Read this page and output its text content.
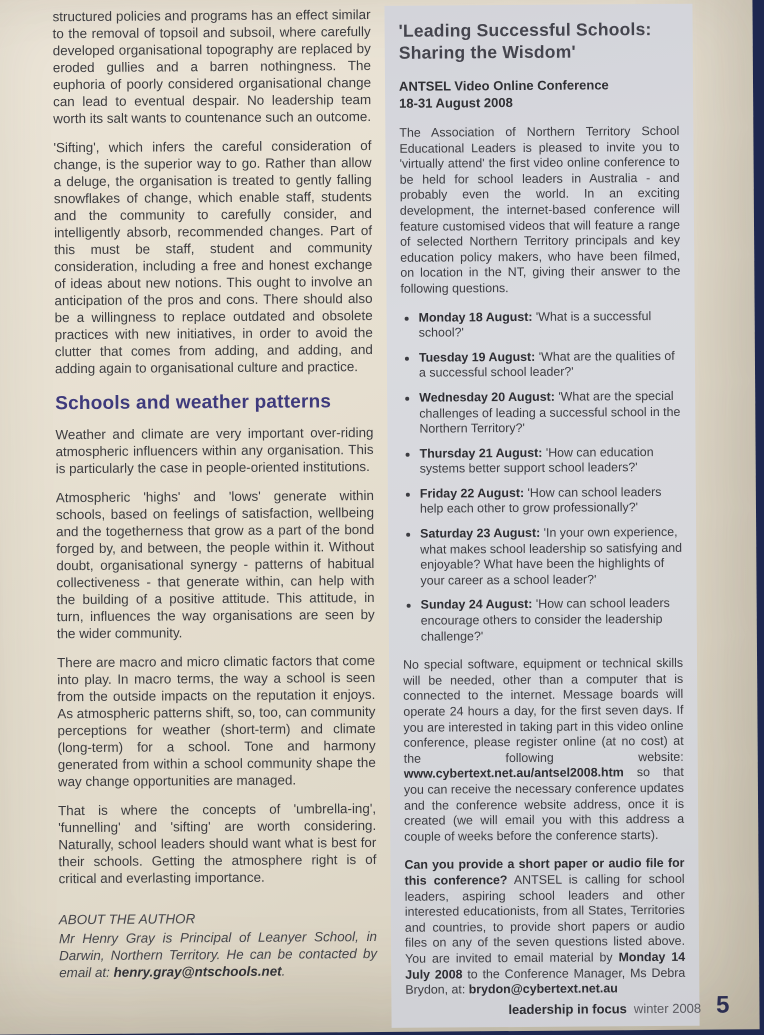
structured policies and programs has an effect similar to the removal of topsoil and subsoil, where carefully developed organisational topography are replaced by eroded gullies and a barren nothingness. The euphoria of poorly considered organisational change can lead to eventual despair. No leadership team worth its salt wants to countenance such an outcome.

'Sifting', which infers the careful consideration of change, is the superior way to go. Rather than allow a deluge, the organisation is treated to gently falling snowflakes of change, which enable staff, students and the community to carefully consider, and intelligently absorb, recommended changes. Part of this must be staff, student and community consideration, including a free and honest exchange of ideas about new notions. This ought to involve an anticipation of the pros and cons. There should also be a willingness to replace outdated and obsolete practices with new initiatives, in order to avoid the clutter that comes from adding, and adding, and adding again to organisational culture and practice.

Schools and weather patterns

Weather and climate are very important over-riding atmospheric influencers within any organisation. This is particularly the case in people-oriented institutions.

Atmospheric 'highs' and 'lows' generate within schools, based on feelings of satisfaction, wellbeing and the togetherness that grow as a part of the bond forged by, and between, the people within it. Without doubt, organisational synergy - patterns of habitual collectiveness - that generate within, can help with the building of a positive attitude. This attitude, in turn, influences the way organisations are seen by the wider community.

There are macro and micro climatic factors that come into play. In macro terms, the way a school is seen from the outside impacts on the reputation it enjoys. As atmospheric patterns shift, so, too, can community perceptions for weather (short-term) and climate (long-term) for a school. Tone and harmony generated from within a school community shape the way change opportunities are managed.

That is where the concepts of 'umbrella-ing', 'funnelling' and 'sifting' are worth considering. Naturally, school leaders should want what is best for their schools. Getting the atmosphere right is of critical and everlasting importance.

ABOUT THE AUTHOR

Mr Henry Gray is Principal of Leanyer School, in Darwin, Northern Territory. He can be contacted by email at: henry.gray@ntschools.net.

'Leading Successful Schools:
Sharing the Wisdom'
ANTSEL Video Online Conference
18-31 August 2008

The Association of Northern Territory School Educational Leaders is pleased to invite you to 'virtually attend' the first video online conference to be held for school leaders in Australia - and probably even the world. In an exciting development, the internet-based conference will feature customised videos that will feature a range of selected Northern Territory principals and key education policy makers, who have been filmed, on location in the NT, giving their answer to the following questions.

• Monday 18 August: 'What is a successful school?'
• Tuesday 19 August: 'What are the qualities of a successful school leader?'
• Wednesday 20 August: 'What are the special challenges of leading a successful school in the Northern Territory?'
• Thursday 21 August: 'How can education systems better support school leaders?'
• Friday 22 August: 'How can school leaders help each other to grow professionally?'
• Saturday 23 August: 'In your own experience, what makes school leadership so satisfying and enjoyable? What have been the highlights of your career as a school leader?'
• Sunday 24 August: 'How can school leaders encourage others to consider the leadership challenge?'

No special software, equipment or technical skills will be needed, other than a computer that is connected to the internet. Message boards will operate 24 hours a day, for the first seven days. If you are interested in taking part in this video online conference, please register online (at no cost) at the following website: www.cybertext.net.au/antsel2008.htm so that you can receive the necessary conference updates and the conference website address, once it is created (we will email you with this address a couple of weeks before the conference starts).

Can you provide a short paper or audio file for this conference? ANTSEL is calling for school leaders, aspiring school leaders and other interested educationists, from all States, Territories and countries, to provide short papers or audio files on any of the seven questions listed above. You are invited to email material by Monday 14 July 2008 to the Conference Manager, Ms Debra Brydon, at: brydon@cybertext.net.au

leadership in focus winter 2008 5
